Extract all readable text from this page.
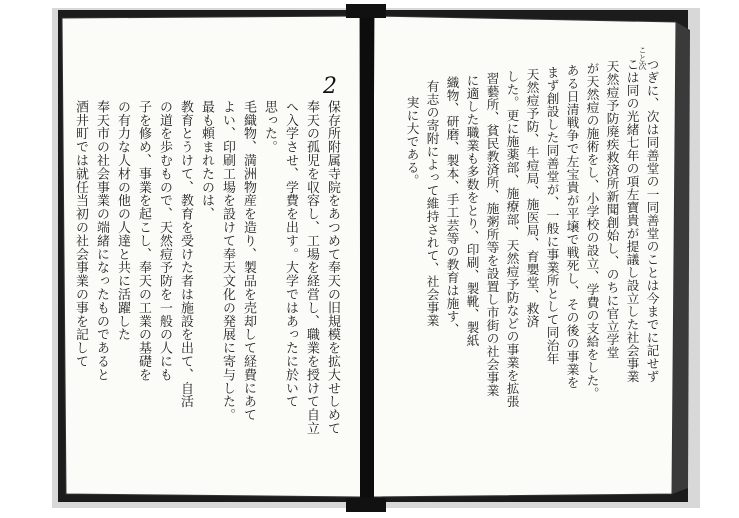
2
こと次
つぎに、次は同善堂の一同善堂のことは今までに記せず
こは同の光緒七年の項左寶貴が提議し設立した社会事業
天然痘予防廃疾救済所新聞創始し、のちに官立学堂
が天然痘の施術をし、小学校の設立、学費の支給をした。
ある日清戦争で左宝貴が平壌で戦死し、その後の事業を
まず創設した同善堂が、一般に事業所として同治年
天然痘予防、牛痘局、施医局、育嬰堂、救済
した。更に施薬部、施療部、天然痘予防などの事業を拡張
習藝所、貧民教済所、施粥所等を設置し市街の社会事業
に適した職業も多数をとり、印刷、製靴、製紙
織物、研磨、製本、手工芸等の教育は施す、
有志の寄附によって維持されて、社会事業
実に大である。
保存所附属寺院をあつめて奉天の旧規模を拡大せしめて
奉天の孤児を収容し、工場を経営し、職業を授けて自立
へ入学させ、学費を出す。大学ではあったに於いて
思った。
毛織物、満洲物産を造り、製品を売却して経費にあて
よい、印刷工場を設けて奉天文化の発展に寄与した。
最も頼まれたのは、
教育とうけて、教育を受けた者は施設を出て、自活
の道を歩むもので、天然痘予防を一般の人にも
子を修め、事業を起こし、奉天の工業の基礎を
の有力な人材の他の人達と共に活躍した
奉天市の社会事業の端緒になったものであると
酒井町では就任当初の社会事業の事を記して
